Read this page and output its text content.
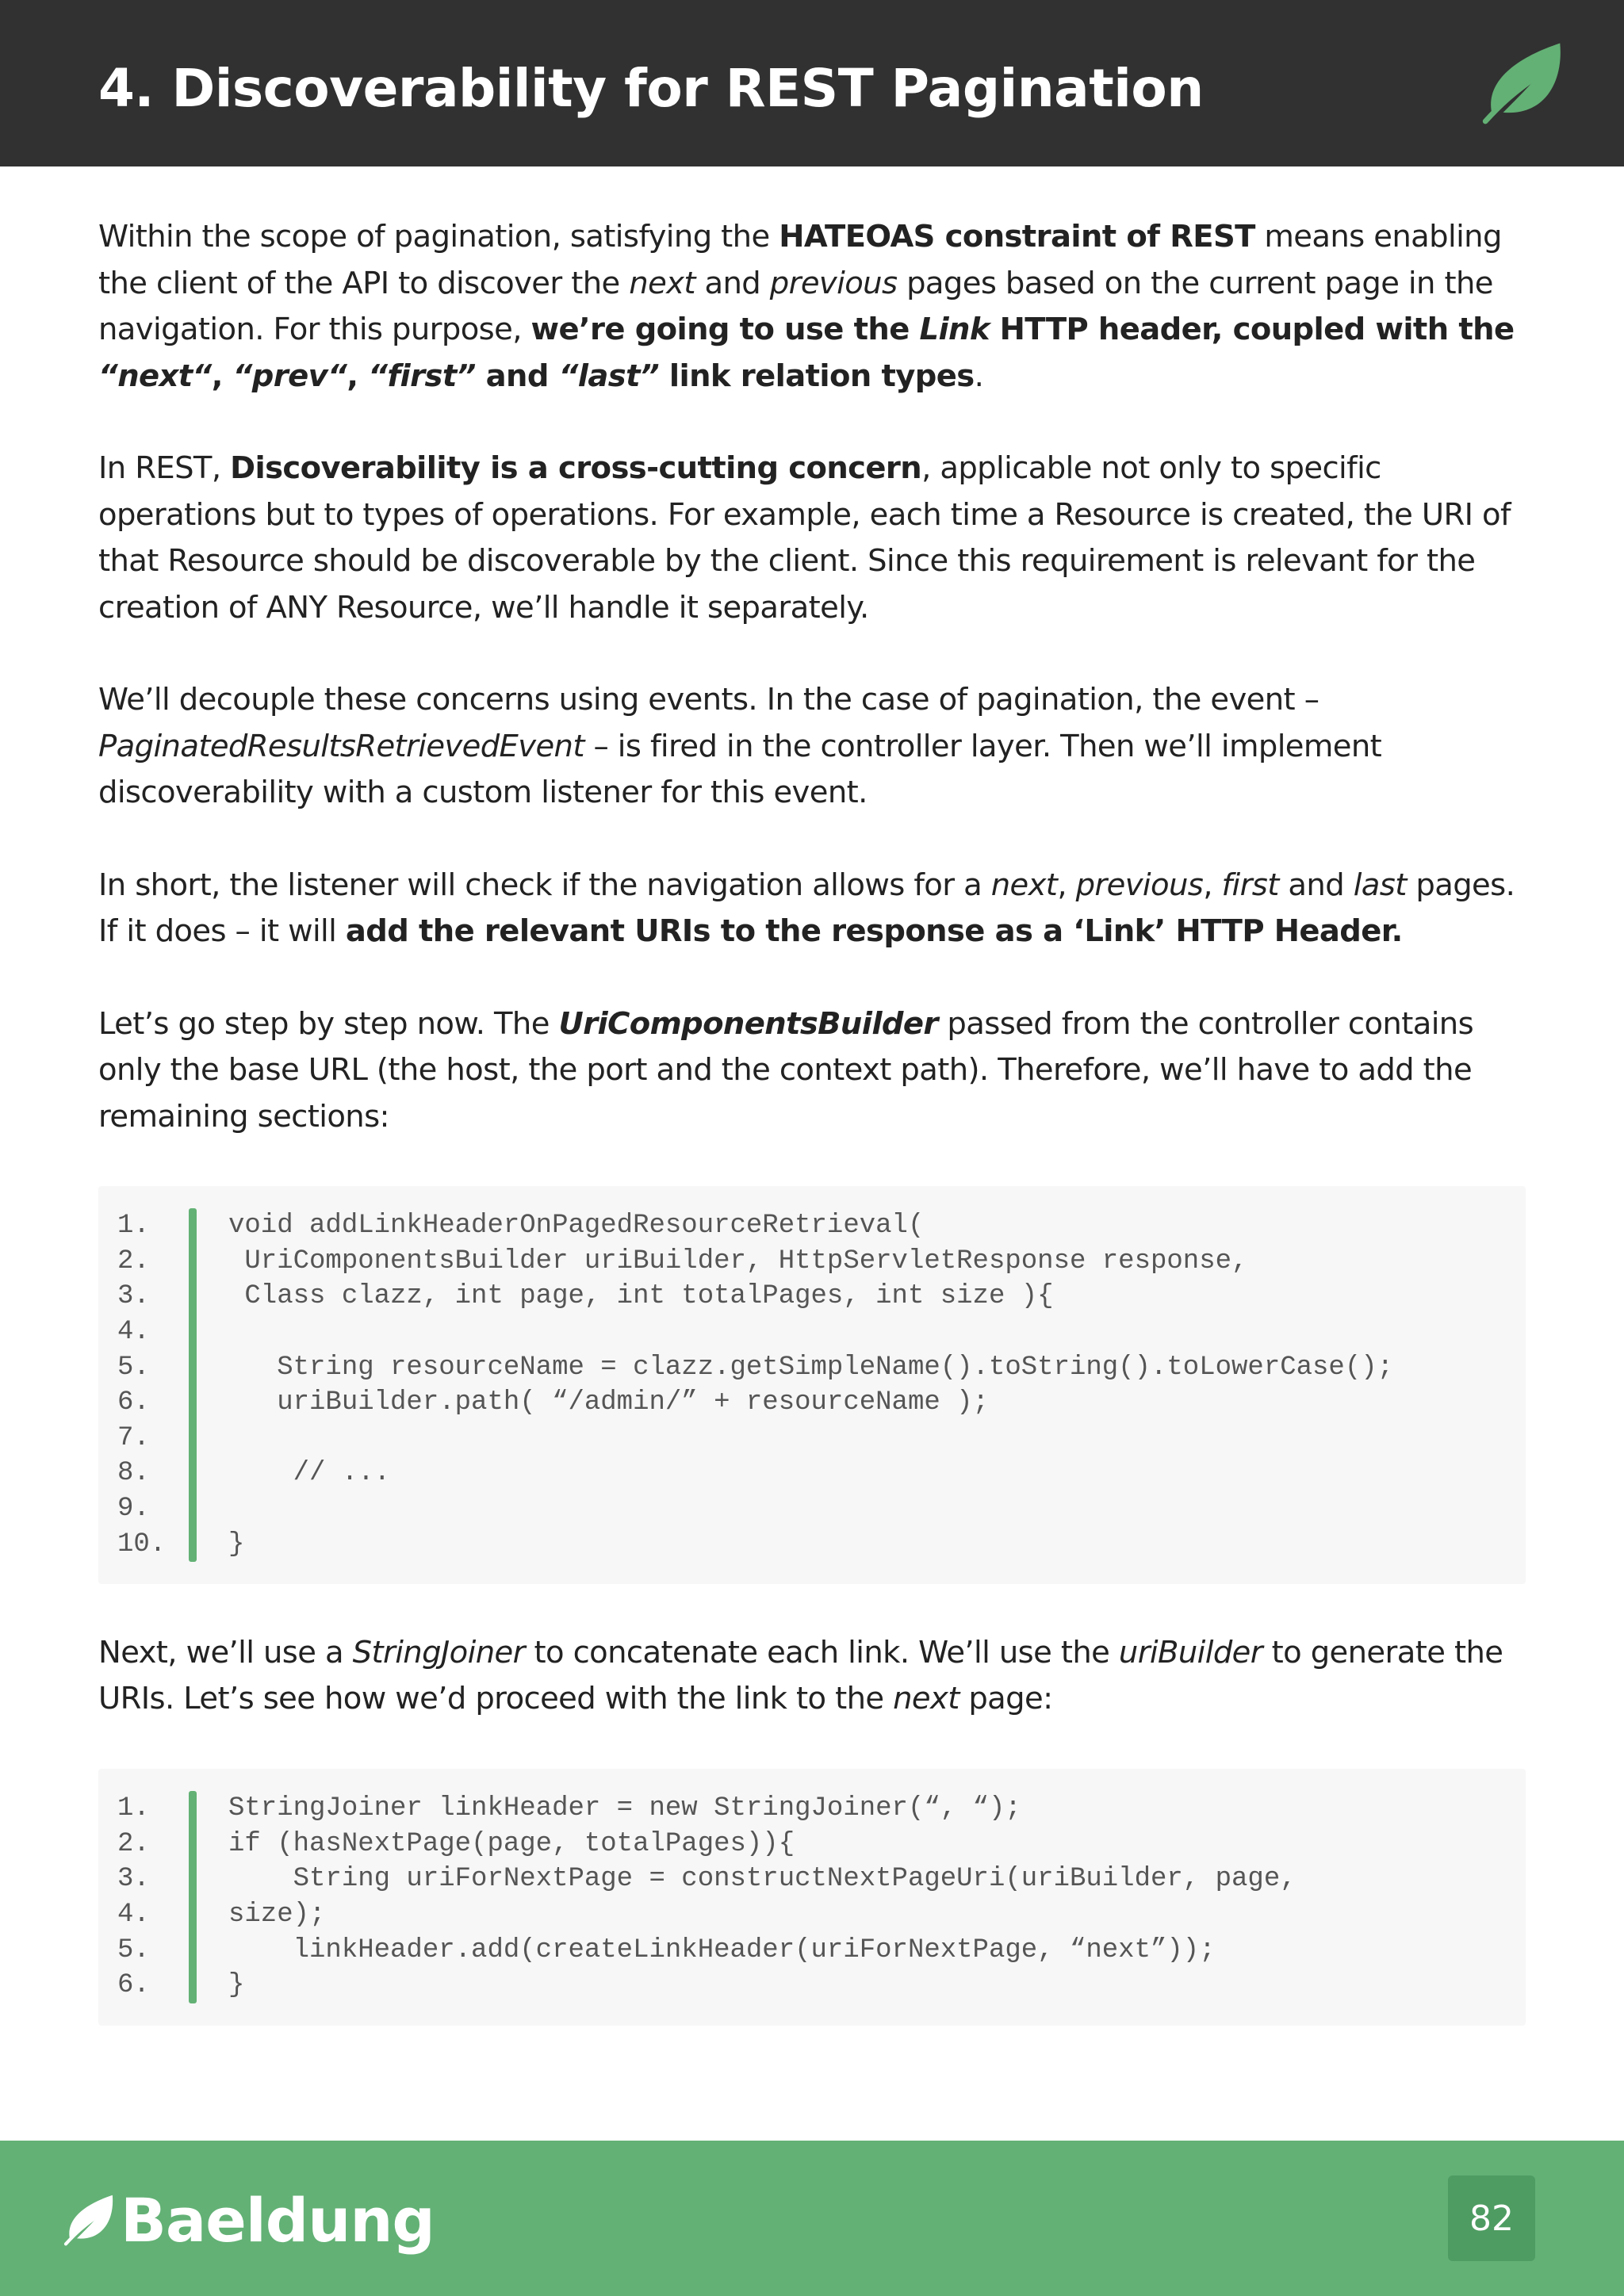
4. Discoverability for REST Pagination

Within the scope of pagination, satisfying the HATEOAS constraint of REST means enabling the client of the API to discover the next and previous pages based on the current page in the navigation. For this purpose, we’re going to use the Link HTTP header, coupled with the “next“, “prev“, “first” and “last” link relation types.

In REST, Discoverability is a cross-cutting concern, applicable not only to specific operations but to types of operations. For example, each time a Resource is created, the URI of that Resource should be discoverable by the client. Since this requirement is relevant for the creation of ANY Resource, we’ll handle it separately.

We’ll decouple these concerns using events. In the case of pagination, the event – PaginatedResultsRetrievedEvent – is fired in the controller layer. Then we’ll implement discoverability with a custom listener for this event.

In short, the listener will check if the navigation allows for a next, previous, first and last pages. If it does – it will add the relevant URIs to the response as a ‘Link’ HTTP Header.

Let’s go step by step now. The UriComponentsBuilder passed from the controller contains only the base URL (the host, the port and the context path). Therefore, we’ll have to add the remaining sections:

1.	void addLinkHeaderOnPagedResourceRetrieval(
2.	UriComponentsBuilder uriBuilder, HttpServletResponse response,
3.	Class clazz, int page, int totalPages, int size ){
4.
5.	String resourceName = clazz.getSimpleName().toString().toLowerCase();
6.	uriBuilder.path( “/admin/” + resourceName );
7.
8.	// ...
9.
10.	}

Next, we’ll use a StringJoiner to concatenate each link. We’ll use the uriBuilder to generate the URIs. Let’s see how we’d proceed with the link to the next page:

1.	StringJoiner linkHeader = new StringJoiner(“, “);
2.	if (hasNextPage(page, totalPages)){
3.	String uriForNextPage = constructNextPageUri(uriBuilder, page,
4.	size);
5.	linkHeader.add(createLinkHeader(uriForNextPage, “next”));
6.	}
Baeldung	82
